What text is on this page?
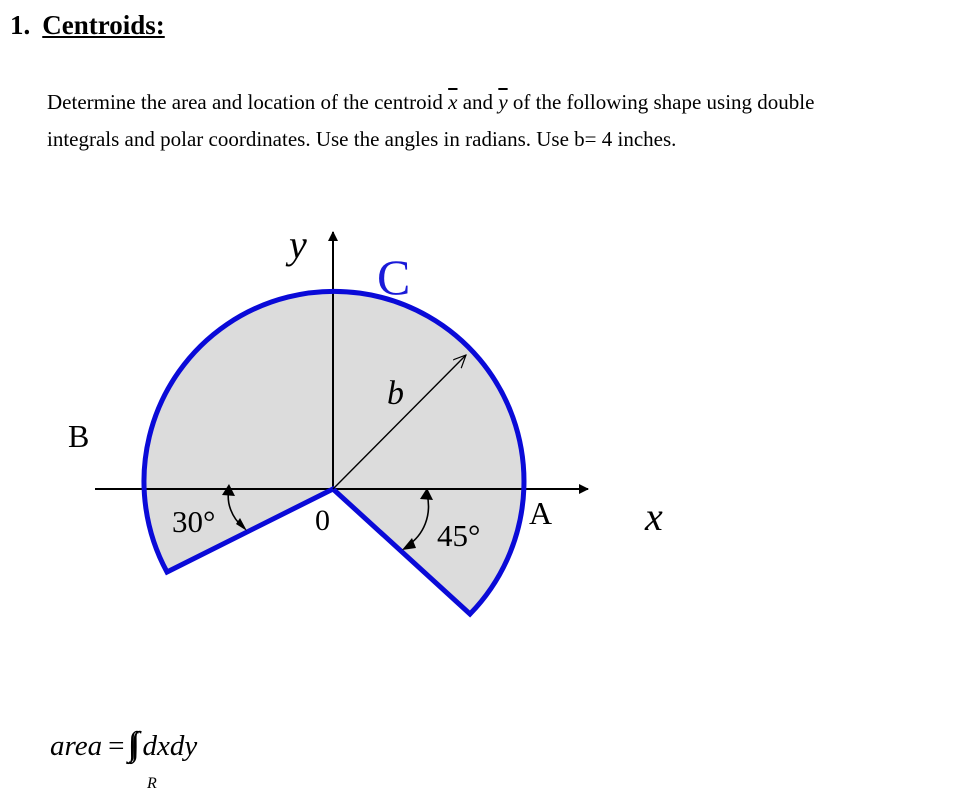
1. Centroids:
Determine the area and location of the centroid $\overline{x}$ and $\overline{y}$ of the following shape using double
integrals and polar coordinates. Use the angles in radians. Use b= 4 inches.
y
C
B
b
30°	0	45°
A x
area = dxdy
R
